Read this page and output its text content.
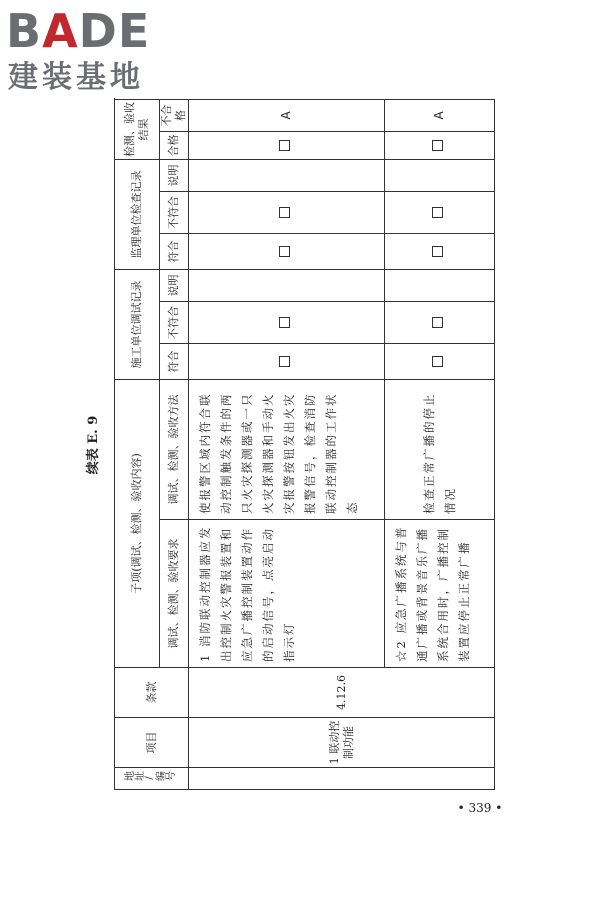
BADE
建装基地
续表 E. 9
地址/编号	项目	条款	子项(调试、检测、验收内容)		施工单位调试记录			监理单位检查记录			检测、验收结果		
			调试、检测、验收要求	调试、检测、验收方法	符合	不符合	说明	符合	不符合	说明	合格	不合格	
	1 联动控制功能	4.12.6	1 消防联动控制器应发出控制火灾警报装置和应急广播控制装置动作的启动信号，点亮启动指示灯	使报警区域内符合联动控制触发条件的两只火灾探测器或一只火灾探测器和手动火灾报警按钮发出火灾报警信号，检查消防联动控制器的工作状态								A	
			☆2 应急广播系统与普通广播或背景音乐广播系统合用时，广播控制装置应停止正常广播	检查正常广播的停止情况								A	
• 339 •
